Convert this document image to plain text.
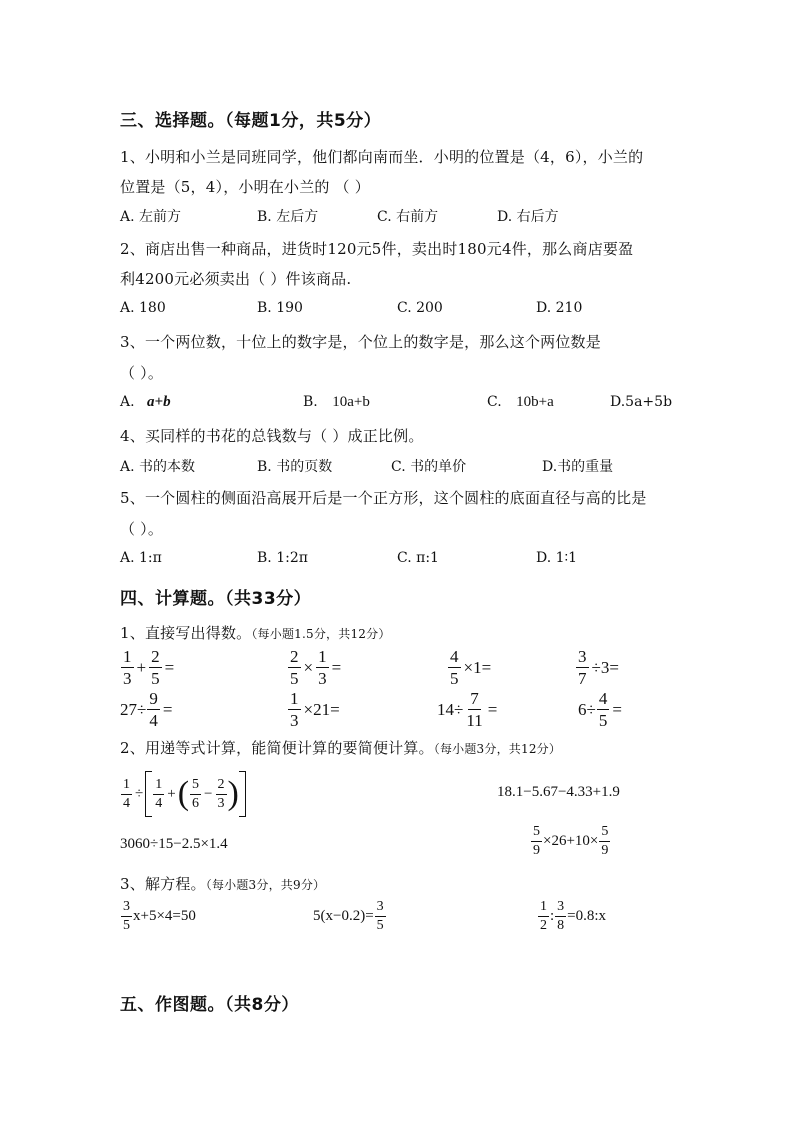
三、选择题。（每题1分，共5分）
1、小明和小兰是同班同学，他们都向南而坐．小明的位置是（4，6），小兰的
位置是（5，4），小明在小兰的 （ ）
A. 左前方	B. 左后方	C. 右前方	D. 右后方
2、商店出售一种商品，进货时120元5件，卖出时180元4件，那么商店要盈
利4200元必须卖出（ ）件该商品.
A. 180	B. 190	C. 200	D. 210
3、一个两位数，十位上的数字是，个位上的数字是，那么这个两位数是
（ ）。
A. a+b	B. 10a+b	C. 10b+a	D.5a+5b
4、买同样的书花的总钱数与（ ）成正比例。
A. 书的本数	B. 书的页数	C. 书的单价	D.书的重量
5、一个圆柱的侧面沿高展开后是一个正方形，这个圆柱的底面直径与高的比是
（ ）。
A. 1:π	B. 1:2π	C. π:1	D. 1∶1
四、计算题。（共33分）
1、直接写出得数。（每小题1.5分，共12分）
$\frac{1}{3} + \frac{2}{5}$ =	$\frac{2}{5} \times \frac{1}{3}$ =	$\frac{4}{5} \times 1=$	$\frac{3}{7} \div 3=$
$27\div \frac{9}{4}$ =	$\frac{1}{3} \times 21=$	$14\div \frac{7}{11}$ =	$6\div \frac{4}{5}$ =
2、用递等式计算，能简便计算的要简便计算。（每小题3分，共12分）
$\frac{1}{4} \div \frac{1}{4}$ + ( $\frac{5}{6} - \frac{2}{3}$ )	18.1−5.67−4.33+1.9
3060÷15−2.5×1.4	$\frac{5}{9} \times 26+10\times \frac{5}{9}$
3、解方程。（每小题3分，共9分）
$\frac{3}{5} x+5\times 4=50$	$5(x-0.2)= \frac{3}{5}$	$\frac{1}{2}$ : $\frac{3}{8}$ =0.8:x
五、作图题。（共8分）
